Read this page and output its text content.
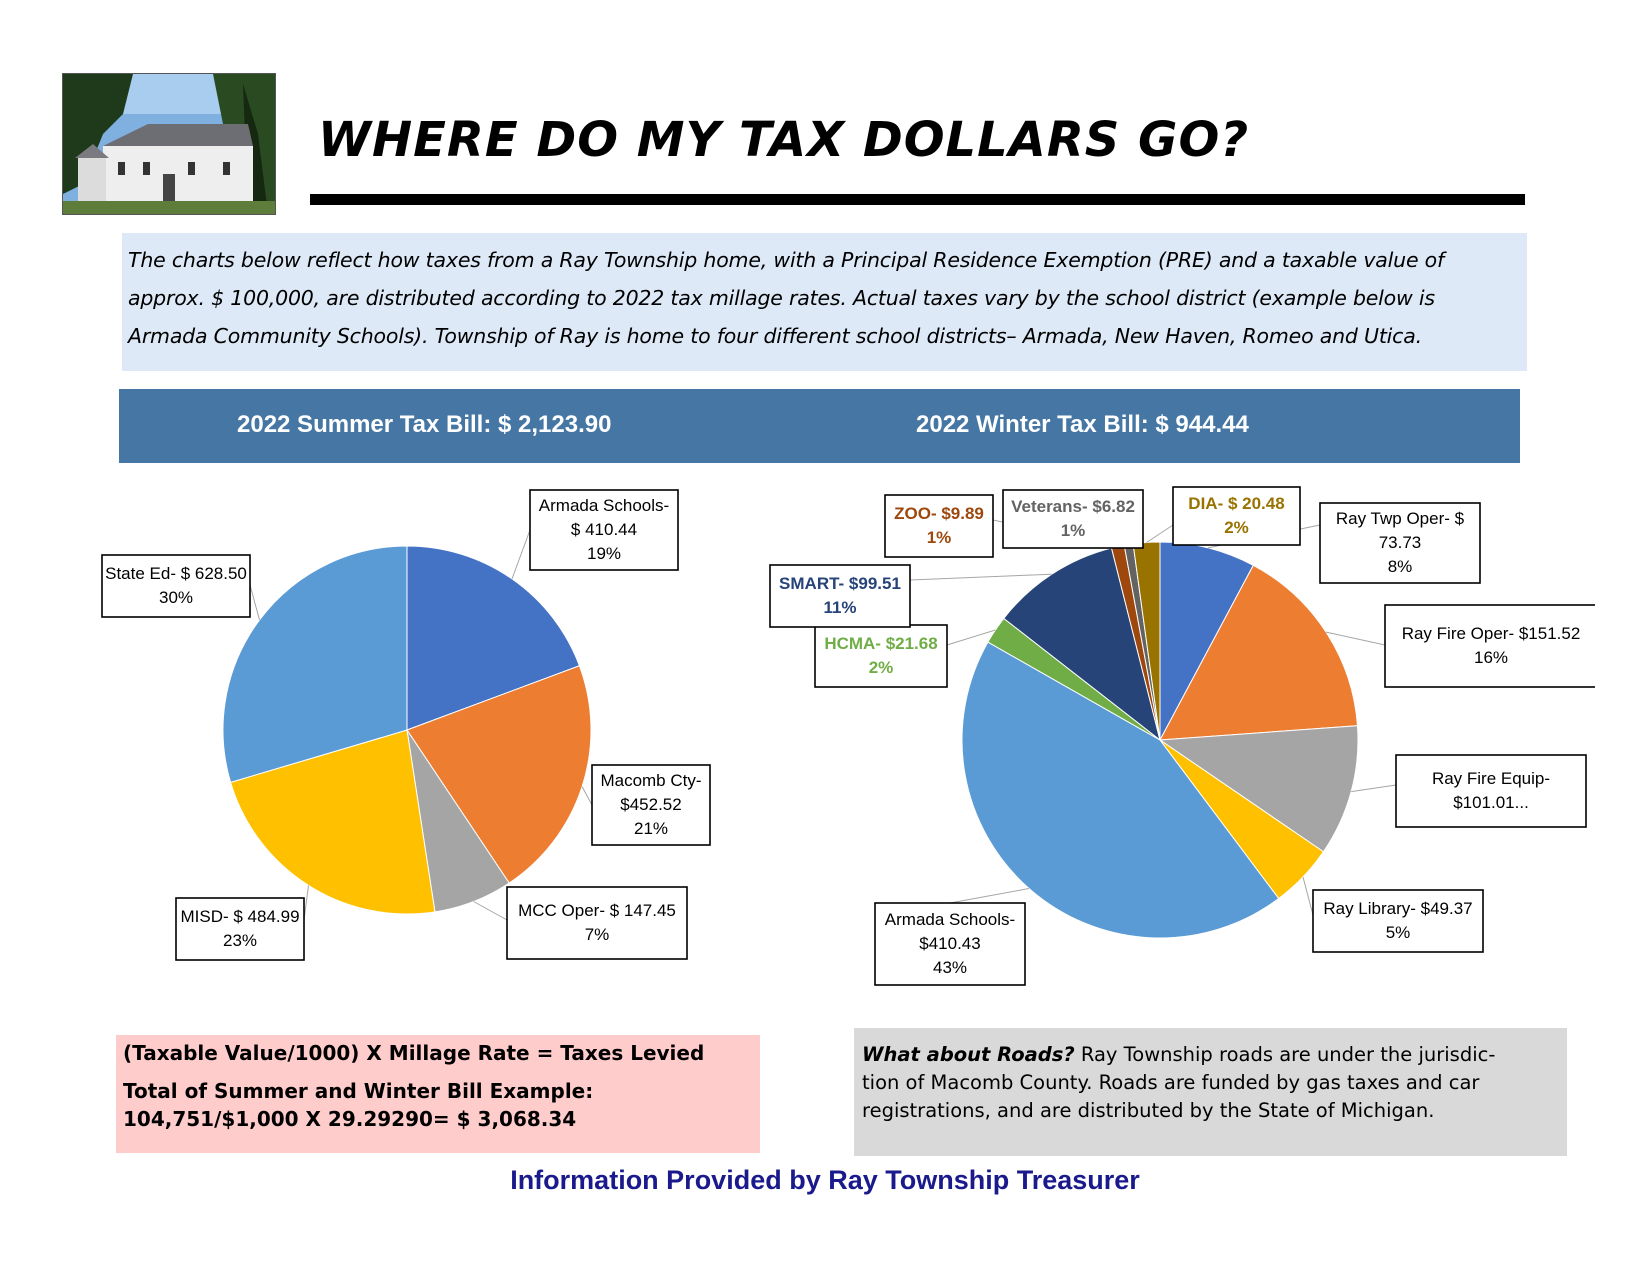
WHERE DO MY TAX DOLLARS GO?
The charts below reflect how taxes from a Ray Township home, with a Principal Residence Exemption (PRE) and a taxable value of
approx. $ 100,000, are distributed according to 2022 tax millage rates. Actual taxes vary by the school district (example below is
Armada Community Schools). Township of Ray is home to four different school districts– Armada, New Haven, Romeo and Utica.
2022 Summer Tax Bill: $ 2,123.90	2022 Winter Tax Bill: $ 944.44
Armada Schools-
$ 410.44
19%
Macomb Cty-
$452.52
21%
MCC Oper- $ 147.45
7%
MISD- $ 484.99
23%
State Ed- $ 628.50
30%
Ray Twp Oper- $
73.73
8%
Ray Fire Oper- $151.52
16%
Ray Fire Equip-
$101.01...
Ray Library- $49.37
5%
Armada Schools-
$410.43
43%
HCMA- $21.68
2%
SMART- $99.51
11%
ZOO- $9.89
1%
Veterans- $6.82
1%
DIA- $ 20.48
2%
(Taxable Value/1000) X Millage Rate = Taxes Levied
Total of Summer and Winter Bill Example:
104,751/$1,000 X 29.29290= $ 3,068.34
What about Roads? Ray Township roads are under the jurisdic-
tion of Macomb County. Roads are funded by gas taxes and car
registrations, and are distributed by the State of Michigan.
Information Provided by Ray Township Treasurer
